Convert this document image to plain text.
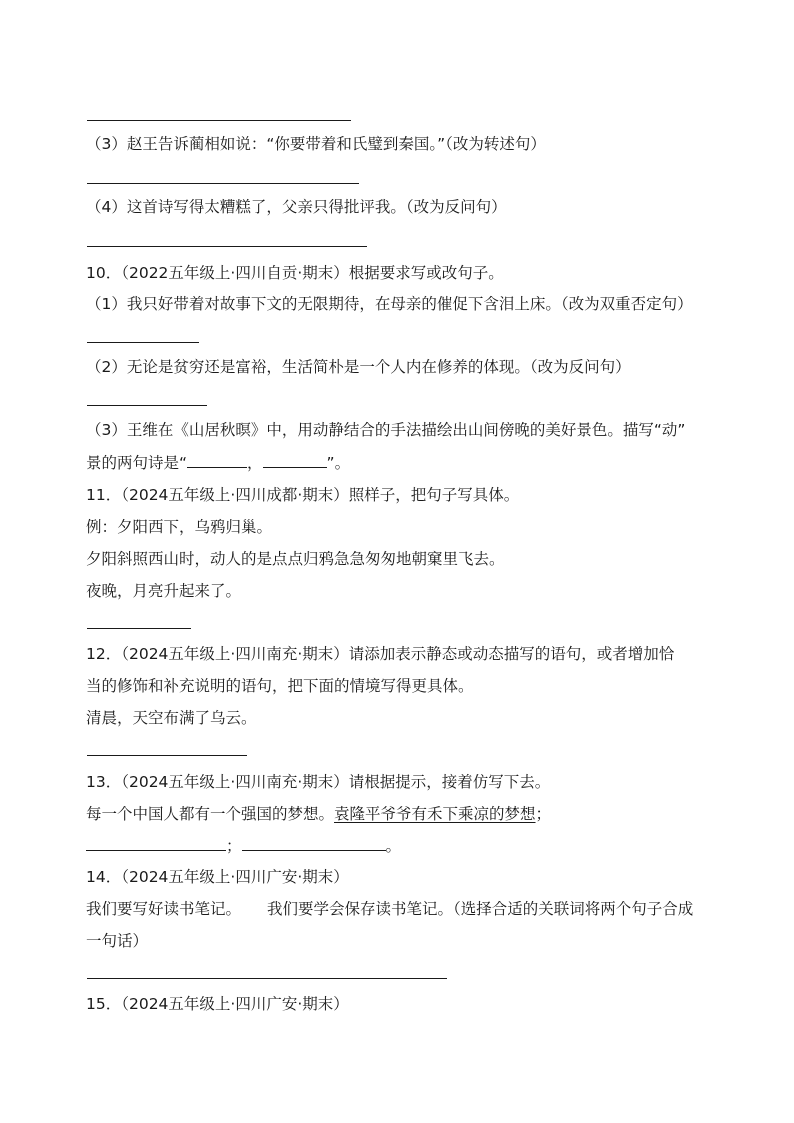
（3）赵王告诉蔺相如说：“你要带着和氏璧到秦国。”（改为转述句）
（4）这首诗写得太糟糕了，父亲只得批评我。（改为反问句）
10．（2022五年级上·四川自贡·期末）根据要求写或改句子。
（1）我只好带着对故事下文的无限期待，在母亲的催促下含泪上床。（改为双重否定句）
（2）无论是贫穷还是富裕，生活简朴是一个人内在修养的体现。（改为反问句）
（3）王维在《山居秋暝》中，用动静结合的手法描绘出山间傍晚的美好景色。描写“动”
景的两句诗是“	，	”。
11．（2024五年级上·四川成都·期末）照样子，把句子写具体。
例：夕阳西下，乌鸦归巢。
夕阳斜照西山时，动人的是点点归鸦急急匆匆地朝窠里飞去。
夜晚，月亮升起来了。
12．（2024五年级上·四川南充·期末）请添加表示静态或动态描写的语句，或者增加恰
当的修饰和补充说明的语句，把下面的情境写得更具体。
清晨，天空布满了乌云。
13．（2024五年级上·四川南充·期末）请根据提示，接着仿写下去。
每一个中国人都有一个强国的梦想。袁隆平爷爷有禾下乘凉的梦想；
；	。
14．（2024五年级上·四川广安·期末）
我们要写好读书笔记。 我们要学会保存读书笔记。（选择合适的关联词将两个句子合成
一句话）
15．（2024五年级上·四川广安·期末）
